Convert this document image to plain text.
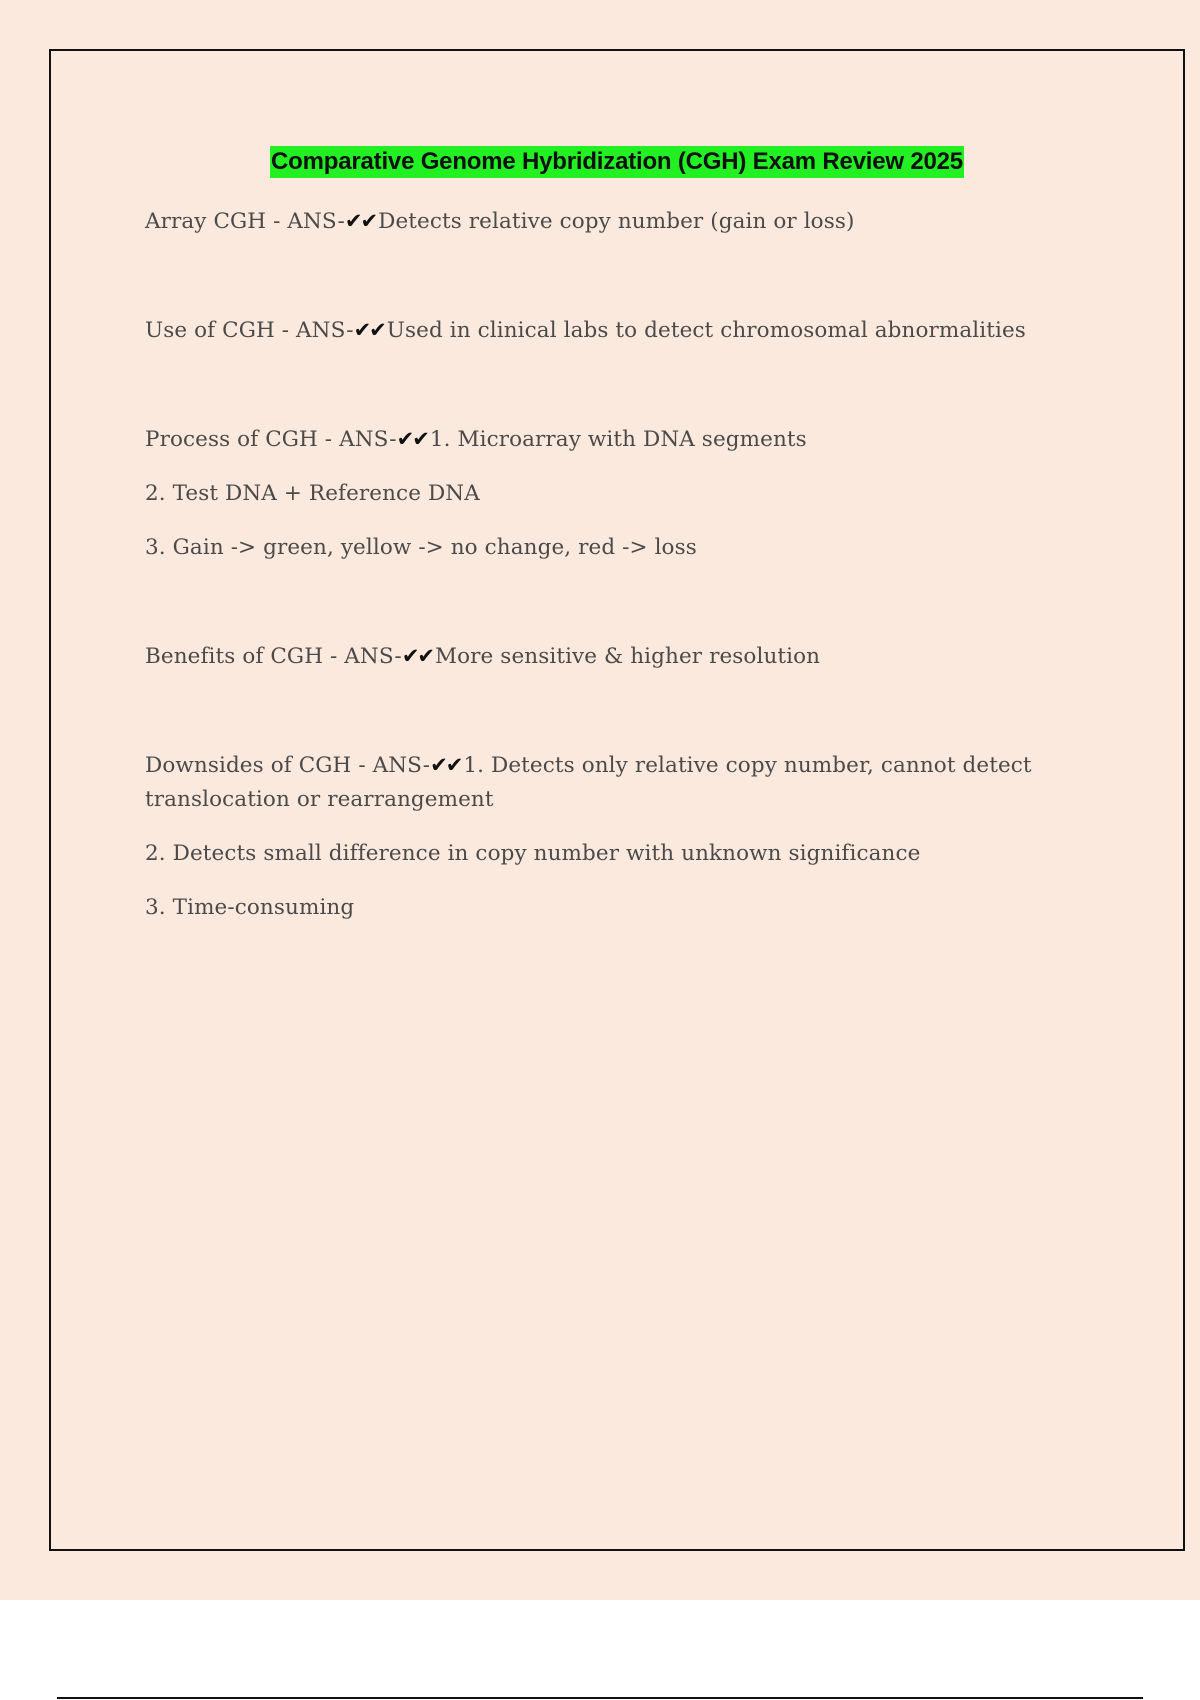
Comparative Genome Hybridization (CGH) Exam Review 2025

Array CGH - ANS-✔✔Detects relative copy number (gain or loss)

Use of CGH - ANS-✔✔Used in clinical labs to detect chromosomal abnormalities

Process of CGH - ANS-✔✔1. Microarray with DNA segments

2. Test DNA + Reference DNA

3. Gain -> green, yellow -> no change, red -> loss

Benefits of CGH - ANS-✔✔More sensitive & higher resolution

Downsides of CGH - ANS-✔✔1. Detects only relative copy number, cannot detect translocation or rearrangement

2. Detects small difference in copy number with unknown significance

3. Time-consuming
